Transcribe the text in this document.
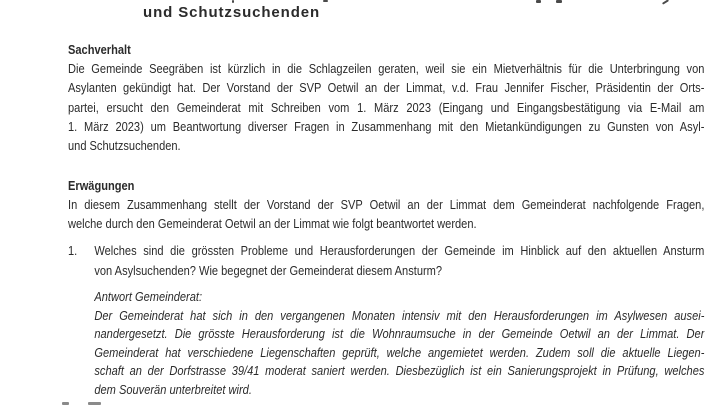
und Schutzsuchenden
Sachverhalt
Die Gemeinde Seegräben ist kürzlich in die Schlagzeilen geraten, weil sie ein Mietverhältnis für die Unterbringung von
Asylanten gekündigt hat. Der Vorstand der SVP Oetwil an der Limmat, v.d. Frau Jennifer Fischer, Präsidentin der Orts-
partei, ersucht den Gemeinderat mit Schreiben vom 1. März 2023 (Eingang und Eingangsbestätigung via E-Mail am
1. März 2023) um Beantwortung diverser Fragen in Zusammenhang mit den Mietankündigungen zu Gunsten von Asyl-
und Schutzsuchenden.
Erwägungen
In diesem Zusammenhang stellt der Vorstand der SVP Oetwil an der Limmat dem Gemeinderat nachfolgende Fragen,
welche durch den Gemeinderat Oetwil an der Limmat wie folgt beantwortet werden.
1. Welches sind die grössten Probleme und Herausforderungen der Gemeinde im Hinblick auf den aktuellen Ansturm
von Asylsuchenden? Wie begegnet der Gemeinderat diesem Ansturm?
Antwort Gemeinderat:
Der Gemeinderat hat sich in den vergangenen Monaten intensiv mit den Herausforderungen im Asylwesen ausei-
nandergesetzt. Die grösste Herausforderung ist die Wohnraumsuche in der Gemeinde Oetwil an der Limmat. Der
Gemeinderat hat verschiedene Liegenschaften geprüft, welche angemietet werden. Zudem soll die aktuelle Liegen-
schaft an der Dorfstrasse 39/41 moderat saniert werden. Diesbezüglich ist ein Sanierungsprojekt in Prüfung, welches
dem Souverän unterbreitet wird.
